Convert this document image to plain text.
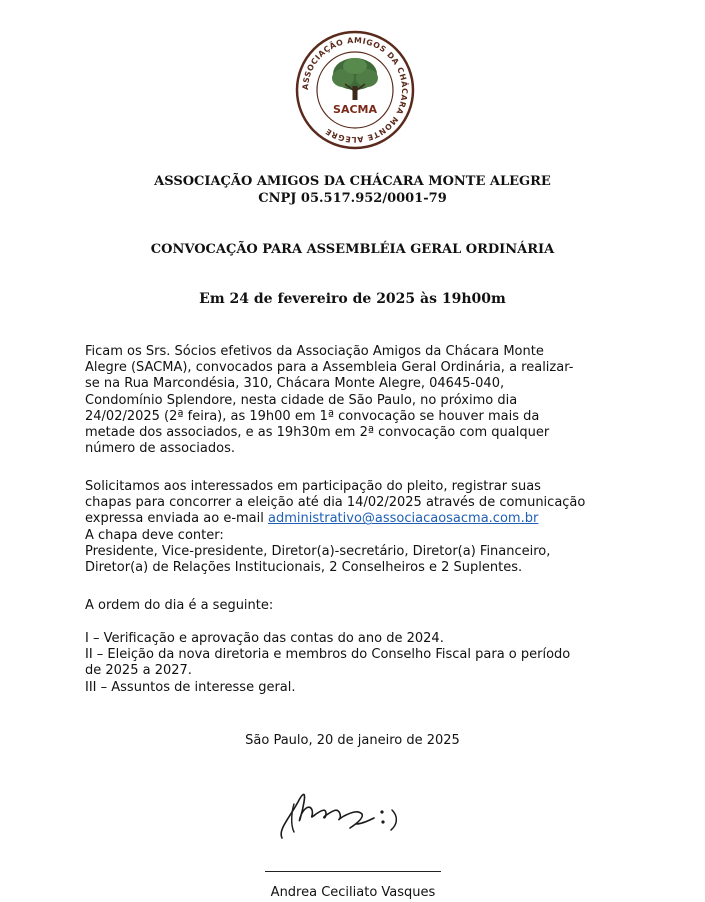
ASSOCIAÇÃO AMIGOS DA CHÁCARA MONTE ALEGRE
SACMA
ASSOCIAÇÃO AMIGOS DA CHÁCARA MONTE ALEGRE
CNPJ 05.517.952/0001-79
CONVOCAÇÃO PARA ASSEMBLÉIA GERAL ORDINÁRIA
Em 24 de fevereiro de 2025 às 19h00m
Ficam os Srs. Sócios efetivos da Associação Amigos da Chácara Monte
Alegre (SACMA), convocados para a Assembleia Geral Ordinária, a realizar-
se na Rua Marcondésia, 310, Chácara Monte Alegre, 04645-040,
Condomínio Splendore, nesta cidade de São Paulo, no próximo dia
24/02/2025 (2ª feira), as 19h00 em 1ª convocação se houver mais da
metade dos associados, e as 19h30m em 2ª convocação com qualquer
número de associados.
Solicitamos aos interessados em participação do pleito, registrar suas
chapas para concorrer a eleição até dia 14/02/2025 através de comunicação
expressa enviada ao e-mail administrativo@associacaosacma.com.br
A chapa deve conter:
Presidente, Vice-presidente, Diretor(a)-secretário, Diretor(a) Financeiro,
Diretor(a) de Relações Institucionais, 2 Conselheiros e 2 Suplentes.
A ordem do dia é a seguinte:
I – Verificação e aprovação das contas do ano de 2024.
II – Eleição da nova diretoria e membros do Conselho Fiscal para o período
de 2025 a 2027.
III – Assuntos de interesse geral.
São Paulo, 20 de janeiro de 2025
Andrea Ceciliato Vasques
